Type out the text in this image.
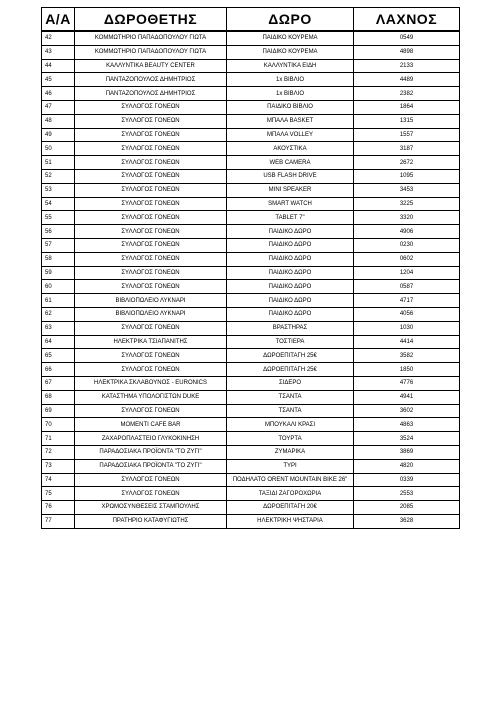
Α/Α	ΔΩΡΟΘΕΤΗΣ	ΔΩΡΟ	ΛΑΧΝΟΣ
42	ΚΟΜΜΩΤΗΡΙΟ ΠΑΠΑΔΟΠΟΥΛΟΥ ΓΙΩΤΑ	ΠΑΙΔΙΚΟ ΚΟΥΡΕΜΑ	0549
43	ΚΟΜΜΩΤΗΡΙΟ ΠΑΠΑΔΟΠΟΥΛΟΥ ΓΙΩΤΑ	ΠΑΙΔΙΚΟ ΚΟΥΡΕΜΑ	4898
44	ΚΑΛΛΥΝΤΙΚΑ BEAUTY CENTER	ΚΑΛΛΥΝΤΙΚΑ ΕΙΔΗ	2133
45	ΠΑΝΤΑΖΟΠΟΥΛΟΣ ΔΗΜΗΤΡΙΟΣ	1x ΒΙΒΛΙΟ	4489
46	ΠΑΝΤΑΖΟΠΟΥΛΟΣ ΔΗΜΗΤΡΙΟΣ	1x ΒΙΒΛΙΟ	2382
47	ΣΥΛΛΟΓΟΣ ΓΟΝΕΩΝ	ΠΑΙΔΙΚΟ ΒΙΒΛΙΟ	1864
48	ΣΥΛΛΟΓΟΣ ΓΟΝΕΩΝ	ΜΠΑΛΑ BASKET	1315
49	ΣΥΛΛΟΓΟΣ ΓΟΝΕΩΝ	ΜΠΑΛΑ VOLLEY	1557
50	ΣΥΛΛΟΓΟΣ ΓΟΝΕΩΝ	ΑΚΟΥΣΤΙΚΑ	3187
51	ΣΥΛΛΟΓΟΣ ΓΟΝΕΩΝ	WEB CAMERA	2672
52	ΣΥΛΛΟΓΟΣ ΓΟΝΕΩΝ	USB FLASH DRIVE	1095
53	ΣΥΛΛΟΓΟΣ ΓΟΝΕΩΝ	MINI SPEAKER	3453
54	ΣΥΛΛΟΓΟΣ ΓΟΝΕΩΝ	SMART WATCH	3225
55	ΣΥΛΛΟΓΟΣ ΓΟΝΕΩΝ	TABLET 7"	3320
56	ΣΥΛΛΟΓΟΣ ΓΟΝΕΩΝ	ΠΑΙΔΙΚΟ ΔΩΡΟ	4906
57	ΣΥΛΛΟΓΟΣ ΓΟΝΕΩΝ	ΠΑΙΔΙΚΟ ΔΩΡΟ	0230
58	ΣΥΛΛΟΓΟΣ ΓΟΝΕΩΝ	ΠΑΙΔΙΚΟ ΔΩΡΟ	0602
59	ΣΥΛΛΟΓΟΣ ΓΟΝΕΩΝ	ΠΑΙΔΙΚΟ ΔΩΡΟ	1204
60	ΣΥΛΛΟΓΟΣ ΓΟΝΕΩΝ	ΠΑΙΔΙΚΟ ΔΩΡΟ	0587
61	ΒΙΒΛΙΟΠΩΛΕΙΟ ΛΥΚΝΑΡΙ	ΠΑΙΔΙΚΟ ΔΩΡΟ	4717
62	ΒΙΒΛΙΟΠΩΛΕΙΟ ΛΥΚΝΑΡΙ	ΠΑΙΔΙΚΟ ΔΩΡΟ	4056
63	ΣΥΛΛΟΓΟΣ ΓΟΝΕΩΝ	ΒΡΑΣΤΗΡΑΣ	1030
64	ΗΛΕΚΤΡΙΚΑ ΤΣΙΑΠΑΝΙΤΗΣ	ΤΟΣΤΙΕΡΑ	4414
65	ΣΥΛΛΟΓΟΣ ΓΟΝΕΩΝ	ΔΩΡΟΕΠΙΤΑΓΗ 25€	3582
66	ΣΥΛΛΟΓΟΣ ΓΟΝΕΩΝ	ΔΩΡΟΕΠΙΤΑΓΗ 25€	1850
67	ΗΛΕΚΤΡΙΚΑ ΣΚΛΑΒΟΥΝΟΣ - EURONICS	ΣΙΔΕΡΟ	4776
68	ΚΑΤΑΣΤΗΜΑ ΥΠΟΛΟΓΙΣΤΩΝ DUKE	ΤΣΑΝΤΑ	4941
69	ΣΥΛΛΟΓΟΣ ΓΟΝΕΩΝ	ΤΣΑΝΤΑ	3602
70	MOMENTI CAFE BAR	ΜΠΟΥΚΑΛΙ ΚΡΑΣΙ	4863
71	ΖΑΧΑΡΟΠΛΑΣΤΕΙΟ ΓΛΥΚΟΚΙΝΗΣΗ	ΤΟΥΡΤΑ	3524
72	ΠΑΡΑΔΟΣΙΑΚΑ ΠΡΟΪΟΝΤΑ "ΤΟ ΖΥΓΙ"	ΖΥΜΑΡΙΚΑ	3869
73	ΠΑΡΑΔΟΣΙΑΚΑ ΠΡΟΪΟΝΤΑ "ΤΟ ΖΥΓΙ"	ΤΥΡΙ	4820
74	ΣΥΛΛΟΓΟΣ ΓΟΝΕΩΝ	ΠΟΔΗΛΑΤΟ ORENT MOUNTAIN BIKE 26"	0339
75	ΣΥΛΛΟΓΟΣ ΓΟΝΕΩΝ	ΤΑΞΙΔΙ ΖΑΓΟΡΟΧΩΡΙΑ	2553
76	ΧΡΩΜΟΣΥΝΘΕΣΕΙΣ ΣΤΑΜΠΟΥΛΗΣ	ΔΩΡΟΕΠΙΤΑΓΗ 20€	2085
77	ΠΡΑΤΗΡΙΟ ΚΑΤΑΦΥΓΙΩΤΗΣ	ΗΛΕΚΤΡΙΚΗ ΨΗΣΤΑΡΙΑ	3628
